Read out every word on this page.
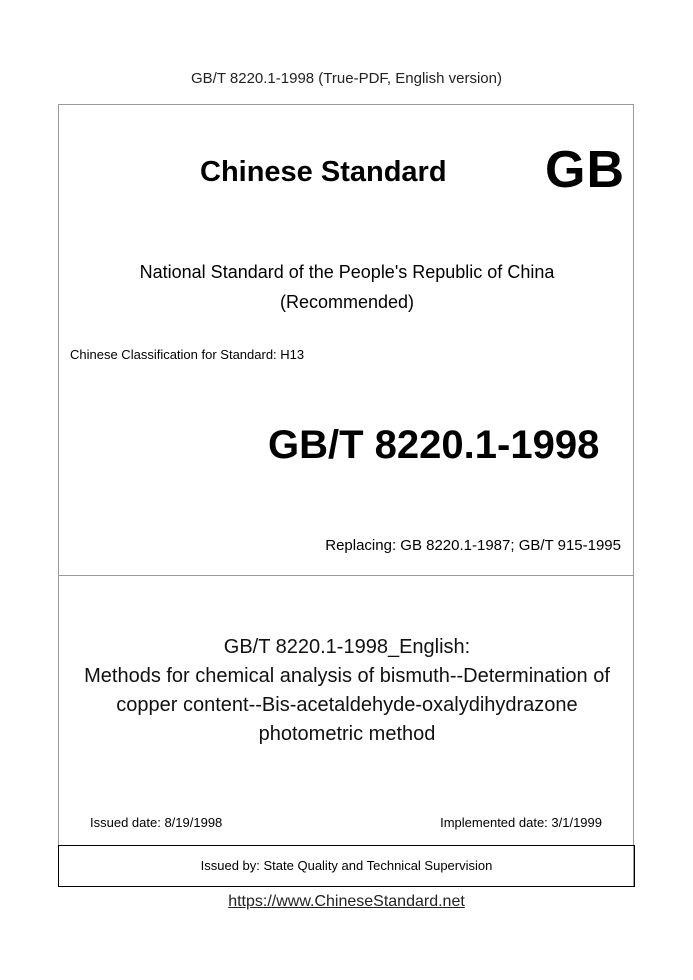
GB/T 8220.1-1998 (True-PDF, English version)
Chinese Standard GB
National Standard of the People's Republic of China
(Recommended)
Chinese Classification for Standard: H13
GB/T 8220.1-1998
Replacing: GB 8220.1-1987; GB/T 915-1995
GB/T 8220.1-1998_English:
Methods for chemical analysis of bismuth--Determination of
copper content--Bis-acetaldehyde-oxalydihydrazone
photometric method
Issued date: 8/19/1998	Implemented date: 3/1/1999
Issued by: State Quality and Technical Supervision
https://www.ChineseStandard.net
